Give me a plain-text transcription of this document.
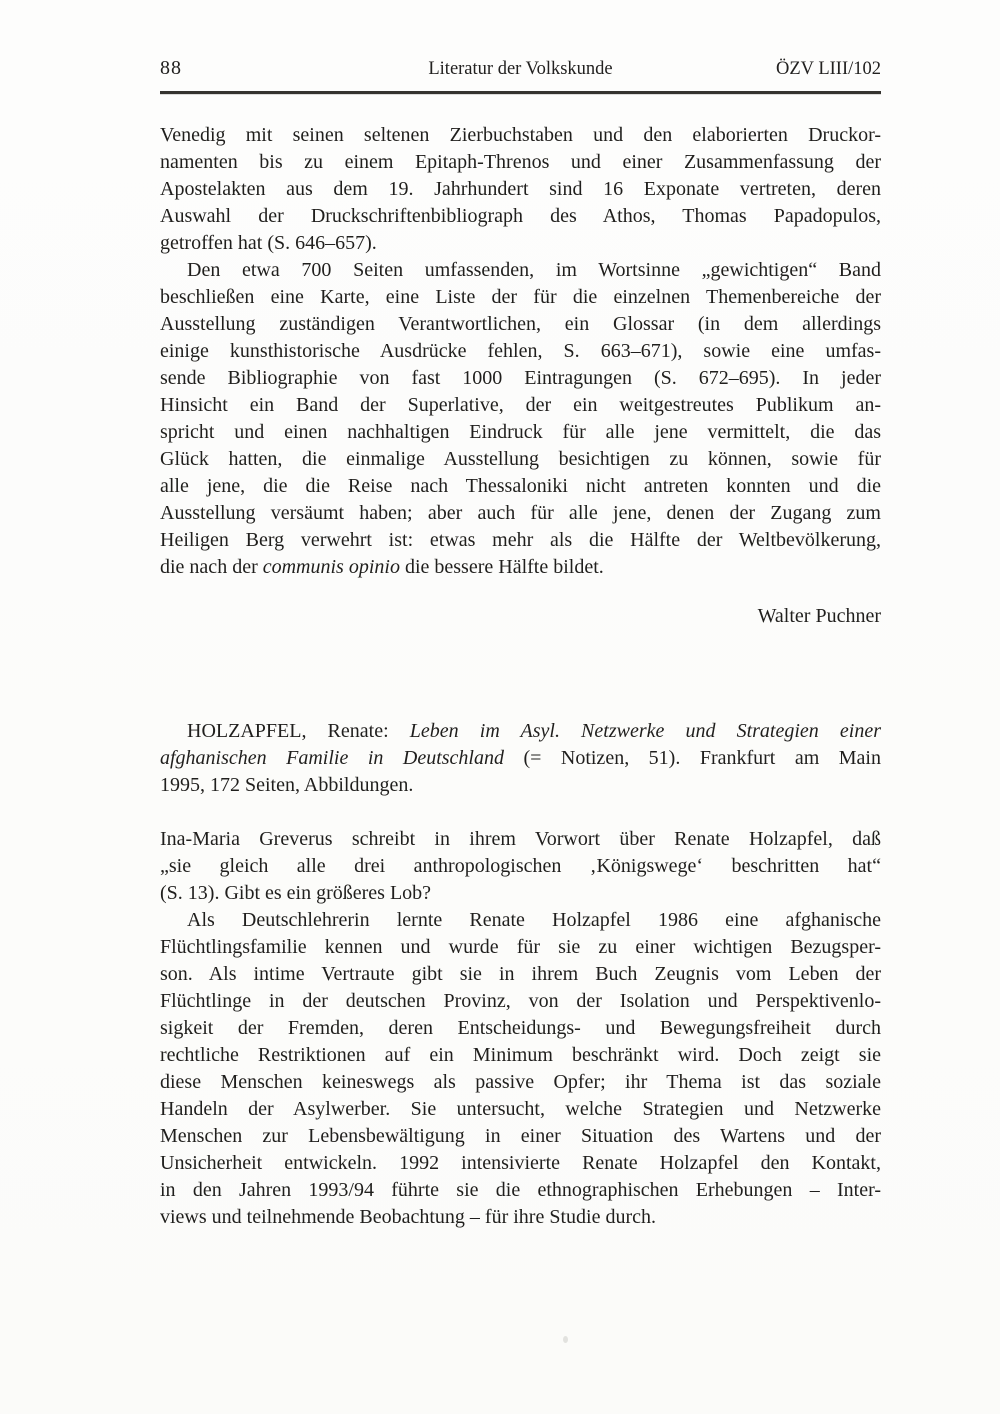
88	Literatur der Volkskunde	ÖZV LIII/102
Venedig mit seinen seltenen Zierbuchstaben und den elaborierten Druckor-
namenten bis zu einem Epitaph-Threnos und einer Zusammenfassung der
Apostelakten aus dem 19. Jahrhundert sind 16 Exponate vertreten, deren
Auswahl der Druckschriftenbibliograph des Athos, Thomas Papadopulos,
getroffen hat (S. 646–657).
Den etwa 700 Seiten umfassenden, im Wortsinne „gewichtigen“ Band
beschließen eine Karte, eine Liste der für die einzelnen Themenbereiche der
Ausstellung zuständigen Verantwortlichen, ein Glossar (in dem allerdings
einige kunsthistorische Ausdrücke fehlen, S. 663–671), sowie eine umfas-
sende Bibliographie von fast 1000 Eintragungen (S. 672–695). In jeder
Hinsicht ein Band der Superlative, der ein weitgestreutes Publikum an-
spricht und einen nachhaltigen Eindruck für alle jene vermittelt, die das
Glück hatten, die einmalige Ausstellung besichtigen zu können, sowie für
alle jene, die die Reise nach Thessaloniki nicht antreten konnten und die
Ausstellung versäumt haben; aber auch für alle jene, denen der Zugang zum
Heiligen Berg verwehrt ist: etwas mehr als die Hälfte der Weltbevölkerung,
die nach der communis opinio die bessere Hälfte bildet.
Walter Puchner
HOLZAPFEL, Renate: Leben im Asyl. Netzwerke und Strategien einer
afghanischen Familie in Deutschland (= Notizen, 51). Frankfurt am Main
1995, 172 Seiten, Abbildungen.
Ina-Maria Greverus schreibt in ihrem Vorwort über Renate Holzapfel, daß
„sie gleich alle drei anthropologischen ‚Königswege‘ beschritten hat“
(S. 13). Gibt es ein größeres Lob?
Als Deutschlehrerin lernte Renate Holzapfel 1986 eine afghanische
Flüchtlingsfamilie kennen und wurde für sie zu einer wichtigen Bezugsper-
son. Als intime Vertraute gibt sie in ihrem Buch Zeugnis vom Leben der
Flüchtlinge in der deutschen Provinz, von der Isolation und Perspektivenlo-
sigkeit der Fremden, deren Entscheidungs- und Bewegungsfreiheit durch
rechtliche Restriktionen auf ein Minimum beschränkt wird. Doch zeigt sie
diese Menschen keineswegs als passive Opfer; ihr Thema ist das soziale
Handeln der Asylwerber. Sie untersucht, welche Strategien und Netzwerke
Menschen zur Lebensbewältigung in einer Situation des Wartens und der
Unsicherheit entwickeln. 1992 intensivierte Renate Holzapfel den Kontakt,
in den Jahren 1993/94 führte sie die ethnographischen Erhebungen – Inter-
views und teilnehmende Beobachtung – für ihre Studie durch.
